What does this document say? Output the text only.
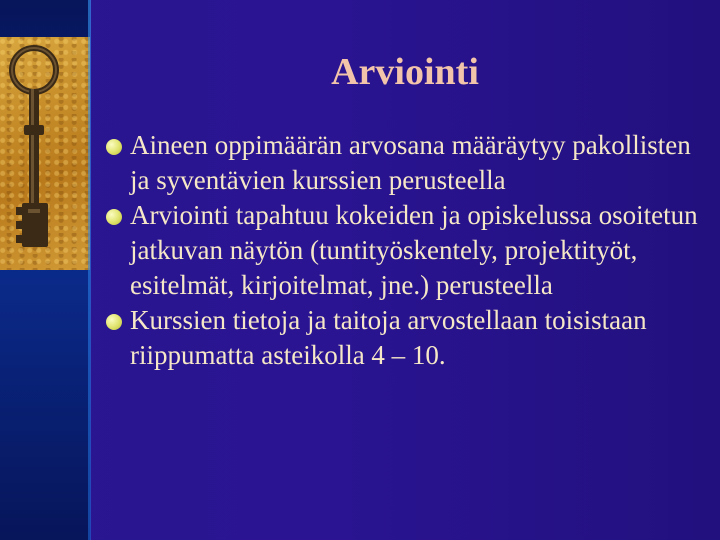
Arviointi
Aineen oppimäärän arvosana määräytyy pakollisten ja syventävien kurssien perusteella
Arviointi tapahtuu kokeiden ja opiskelussa osoitetun jatkuvan näytön (tuntityöskentely, projektityöt, esitelmät, kirjoitelmat, jne.) perusteella
Kurssien tietoja ja taitoja arvostellaan toisistaan riippumatta asteikolla 4 – 10.
